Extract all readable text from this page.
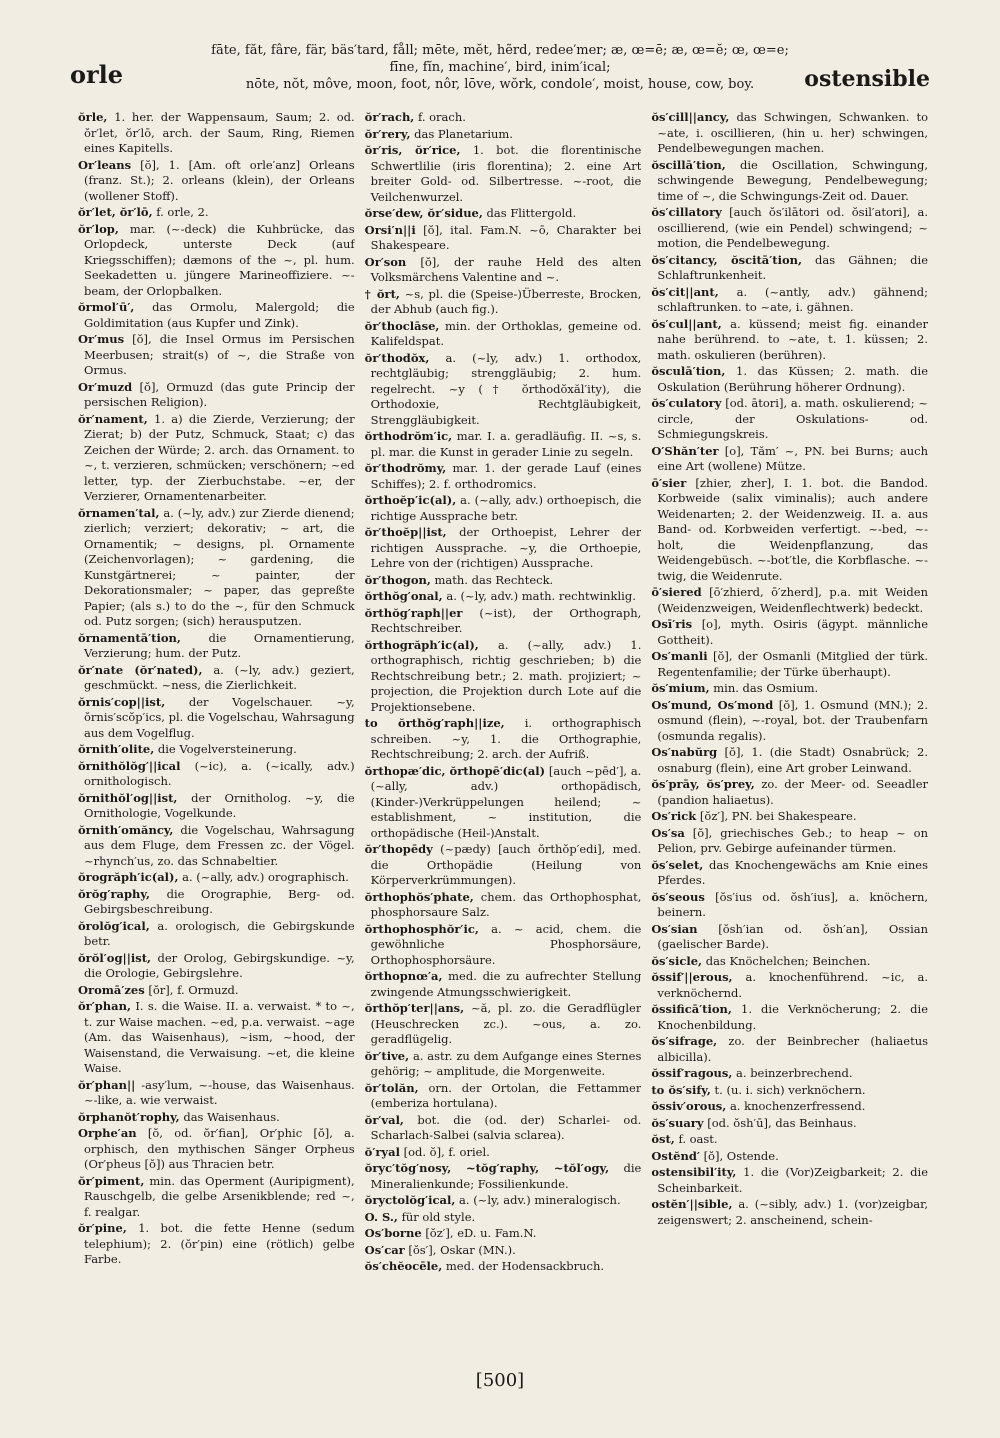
orle
fāte, făt, fâre, fär, bäs′tard, fåll; mēte, mĕt, hẽrd, redee′mer; æ, œ=ē; æ, œ=ĕ; œ, œ=e;
fīne, fĭn, machine′, bird, inim′ical;
nōte, nŏt, môve, moon, foot, nôr, lōve, wŏrk, condole′, moist, house, cow, boy.	ostensible
ŏrle, 1. her. der Wappensaum, Saum; 2. od. ŏr′let, ŏr′lō, arch. der Saum, Ring, Riemen eines Kapitells.
Or′leans [ŏ], 1. [Am. oft orle′anz] Orleans (franz. St.); 2. orleans (klein), der Orleans (wollener Stoff).
ŏr′let, ŏr′lō, f. orle, 2.
ŏr′lop, mar. (~-deck) die Kuhbrücke, das Orlopdeck, unterste Deck (auf Kriegsschiffen); dæmons of the ~, pl. hum. Seekadetten u. jüngere Marineoffiziere. ~-beam, der Orlopbalken.
ŏrmol′ū′, das Ormolu, Malergold; die Goldimitation (aus Kupfer und Zink).
Or′mus [ŏ], die Insel Ormus im Persischen Meerbusen; strait(s) of ~, die Straße von Ormus.
Or′muzd [ŏ], Ormuzd (das gute Princip der persischen Religion).
ŏr′nament, 1. a) die Zierde, Verzierung; der Zierat; b) der Putz, Schmuck, Staat; c) das Zeichen der Würde; 2. arch. das Ornament. to ~, t. verzieren, schmücken; verschönern; ~ed letter, typ. der Zierbuchstabe. ~er, der Verzierer, Ornamentenarbeiter.
ŏrnamen′tal, a. (~ly, adv.) zur Zierde dienend; zierlich; verziert; dekorativ; ~ art, die Ornamentik; ~ designs, pl. Ornamente (Zeichenvorlagen); ~ gardening, die Kunstgärtnerei; ~ painter, der Dekorationsmaler; ~ paper, das gepreßte Papier; (als s.) to do the ~, für den Schmuck od. Putz sorgen; (sich) herausputzen.
ŏrnamentā′tion, die Ornamentierung, Verzierung; hum. der Putz.
ŏr′nate (ŏr′nated), a. (~ly, adv.) geziert, geschmückt. ~ness, die Zierlichkeit.
ŏrnis′cop||ist, der Vogelschauer. ~y, ŏrnis′scŏp′ics, pl. die Vogelschau, Wahrsagung aus dem Vogelflug.
ŏrnith′olite, die Vogelversteinerung.
ŏrnithŏlŏg′||ical (~ic), a. (~ically, adv.) ornithologisch.
ŏrnithŏl′og||ist, der Ornitholog. ~y, die Ornithologie, Vogelkunde.
ŏrnith′omăncy, die Vogelschau, Wahrsagung aus dem Fluge, dem Fressen zc. der Vögel. ~rhynch′us, zo. das Schnabeltier.
ŏrogrăph′ic(al), a. (~ally, adv.) orographisch.
ŏrŏg′raphy, die Orographie, Berg- od. Gebirgsbeschreibung.
ŏrolŏg′ical, a. orologisch, die Gebirgskunde betr.
ŏrŏl′og||ist, der Orolog, Gebirgskundige. ~y, die Orologie, Gebirgslehre.
Oromā′zes [ŏr], f. Ormuzd.
ŏr′phan, I. s. die Waise. II. a. verwaist. * to ~, t. zur Waise machen. ~ed, p.a. verwaist. ~age (Am. das Waisenhaus), ~ism, ~hood, der Waisenstand, die Verwaisung. ~et, die kleine Waise.
ŏr′phan|| -asy′lum, ~-house, das Waisenhaus. ~-like, a. wie verwaist.
ŏrphanŏt′rophy, das Waisenhaus.
Orphe′an [ŏ, od. ŏr′fian], Or′phic [ŏ], a. orphisch, den mythischen Sänger Orpheus (Or′pheus [ŏ]) aus Thracien betr.
ŏr′piment, min. das Operment (Auripigment), Rauschgelb, die gelbe Arsenikblende; red ~, f. realgar.
ŏr′pine, 1. bot. die fette Henne (sedum telephium); 2. (ŏr′pin) eine (rötlich) gelbe Farbe.
ŏr′rach, f. orach.
ŏr′rery, das Planetarium.
ŏr′ris, ŏr′rice, 1. bot. die florentinische Schwertlilie (iris florentina); 2. eine Art breiter Gold- od. Silbertresse. ~-root, die Veilchenwurzel.
ŏrse′dew, ŏr′sidue, das Flittergold.
Orsi′n||i [ŏ], ital. Fam.N. ~ō, Charakter bei Shakespeare.
Or′son [ŏ], der rauhe Held des alten Volksmärchens Valentine and ~.
† ŏrt, ~s, pl. die (Speise-)Überreste, Brocken, der Abhub (auch fig.).
ŏr′thoclāse, min. der Orthoklas, gemeine od. Kalifeldspat.
ŏr′thodŏx, a. (~ly, adv.) 1. orthodox, rechtgläubig; strenggläubig; 2. hum. regelrecht. ~y († ŏrthodŏxăl′ity), die Orthodoxie, Rechtgläubigkeit, Strenggläubigkeit.
ŏrthodrŏm′ic, mar. I. a. geradläufig. II. ~s, s. pl. mar. die Kunst in gerader Linie zu segeln.
ŏr′thodrŏmy, mar. 1. der gerade Lauf (eines Schiffes); 2. f. orthodromics.
ŏrthoĕp′ic(al), a. (~ally, adv.) orthoepisch, die richtige Aussprache betr.
ŏr′thoĕp||ist, der Orthoepist, Lehrer der richtigen Aussprache. ~y, die Orthoepie, Lehre von der (richtigen) Aussprache.
ŏr′thogon, math. das Rechteck.
ŏrthŏg′onal, a. (~ly, adv.) math. rechtwinklig.
ŏrthŏg′raph||er (~ist), der Orthograph, Rechtschreiber.
ŏrthogrăph′ic(al), a. (~ally, adv.) 1. orthographisch, richtig geschrieben; b) die Rechtschreibung betr.; 2. math. projiziert; ~ projection, die Projektion durch Lote auf die Projektionsebene.
to ŏrthŏg′raph||ize, i. orthographisch schreiben. ~y, 1. die Orthographie, Rechtschreibung; 2. arch. der Aufriß.
ŏrthopæ′dic, ŏrthopē′dic(al) [auch ~pēd′], a. (~ally, adv.) orthopädisch, (Kinder-)Verkrüppelungen heilend; ~ establishment, ~ institution, die orthopädische (Heil-)Anstalt.
ŏr′thopēdy (~pædy) [auch ŏrthŏp′edi], med. die Orthopädie (Heilung von Körperverkrümmungen).
ŏrthophŏs′phate, chem. das Orthophosphat, phosphorsaure Salz.
ŏrthophosphŏr′ic, a. ~ acid, chem. die gewöhnliche Phosphorsäure, Orthophosphorsäure.
ŏrthopnœ′a, med. die zu aufrechter Stellung zwingende Atmungsschwierigkeit.
ŏrthŏp′ter||ans, ~ă, pl. zo. die Geradflügler (Heuschrecken zc.). ~ous, a. zo. geradflügelig.
ŏr′tive, a. astr. zu dem Aufgange eines Sternes gehörig; ~ amplitude, die Morgenweite.
ŏr′tolăn, orn. der Ortolan, die Fettammer (emberiza hortulana).
ŏr′val, bot. die (od. der) Scharlei- od. Scharlach-Salbei (salvia sclarea).
ŏ′ryal [od. ŏ], f. oriel.
ŏryc′tŏg′nosy, ~tŏg′raphy, ~tŏl′ogy, die Mineralienkunde; Fossilienkunde.
ŏryctolŏg′ical, a. (~ly, adv.) mineralogisch.
O. S., für old style.
Os′borne [ŏz′], eD. u. Fam.N.
Os′car [ŏs′], Oskar (MN.).
ŏs′chĕocēle, med. der Hodensackbruch.
ŏs′cill||ancy, das Schwingen, Schwanken. to ~ate, i. oscillieren, (hin u. her) schwingen, Pendelbewegungen machen.
ŏscillā′tion, die Oscillation, Schwingung, schwingende Bewegung, Pendelbewegung; time of ~, die Schwingungs-Zeit od. Dauer.
ŏs′cillatory [auch ŏs′ilātori od. ŏsil′atori], a. oscillierend, (wie ein Pendel) schwingend; ~ motion, die Pendelbewegung.
ŏs′citancy, ŏscitā′tion, das Gähnen; die Schlaftrunkenheit.
ŏs′cit||ant, a. (~antly, adv.) gähnend; schlaftrunken. to ~ate, i. gähnen.
ŏs′cul||ant, a. küssend; meist fig. einander nahe berührend. to ~ate, t. 1. küssen; 2. math. oskulieren (berühren).
ŏsculā′tion, 1. das Küssen; 2. math. die Oskulation (Berührung höherer Ordnung).
ŏs′culatory [od. ātori], a. math. oskulierend; ~ circle, der Oskulations- od. Schmiegungskreis.
O′Shăn′ter [o], Tăm′ ~, PN. bei Burns; auch eine Art (wollene) Mütze.
ō′sier [zhier, zher], I. 1. bot. die Bandod. Korbweide (salix viminalis); auch andere Weidenarten; 2. der Weidenzweig. II. a. aus Band- od. Korbweiden verfertigt. ~-bed, ~-holt, die Weidenpflanzung, das Weidengebüsch. ~-bot′tle, die Korbflasche. ~-twig, die Weidenrute.
ō′siered [ō′zhierd, ō′zherd], p.a. mit Weiden (Weidenzweigen, Weidenflechtwerk) bedeckt.
Osī′ris [o], myth. Osiris (ägypt. männliche Gottheit).
Os′manli [ŏ], der Osmanli (Mitglied der türk. Regentenfamilie; der Türke überhaupt).
ŏs′mium, min. das Osmium.
Os′mund, Os′mond [ŏ], 1. Osmund (MN.); 2. osmund (flein), ~-royal, bot. der Traubenfarn (osmunda regalis).
Os′nabŭrg [ŏ], 1. (die Stadt) Osnabrück; 2. osnaburg (flein), eine Art grober Leinwand.
ŏs′prāy, ŏs′prey, zo. der Meer- od. Seeadler (pandion haliaetus).
Os′rick [ŏz′], PN. bei Shakespeare.
Os′sa [ŏ], griechisches Geb.; to heap ~ on Pelion, prv. Gebirge aufeinander türmen.
ŏs′selet, das Knochengewächs am Knie eines Pferdes.
ŏs′seous [ŏs′ius od. ŏsh′ius], a. knöchern, beinern.
Os′sian [ŏsh′ian od. ŏsh′an], Ossian (gaelischer Barde).
ŏs′sicle, das Knöchelchen; Beinchen.
ŏssif′||erous, a. knochenführend. ~ic, a. verknöchernd.
ŏssificā′tion, 1. die Verknöcherung; 2. die Knochenbildung.
ŏs′sifrage, zo. der Beinbrecher (haliaetus albicilla).
ŏssif′ragous, a. beinzerbrechend.
to ŏs′sify, t. (u. i. sich) verknöchern.
ŏssiv′orous, a. knochenzerfressend.
ŏs′suary [od. ŏsh′ū], das Beinhaus.
ŏst, f. oast.
Ostĕnd′ [ŏ], Ostende.
ostensibil′ity, 1. die (Vor)Zeigbarkeit; 2. die Scheinbarkeit.
ostĕn′||sible, a. (~sibly, adv.) 1. (vor)zeigbar, zeigenswert; 2. anscheinend, schein-
[500]
